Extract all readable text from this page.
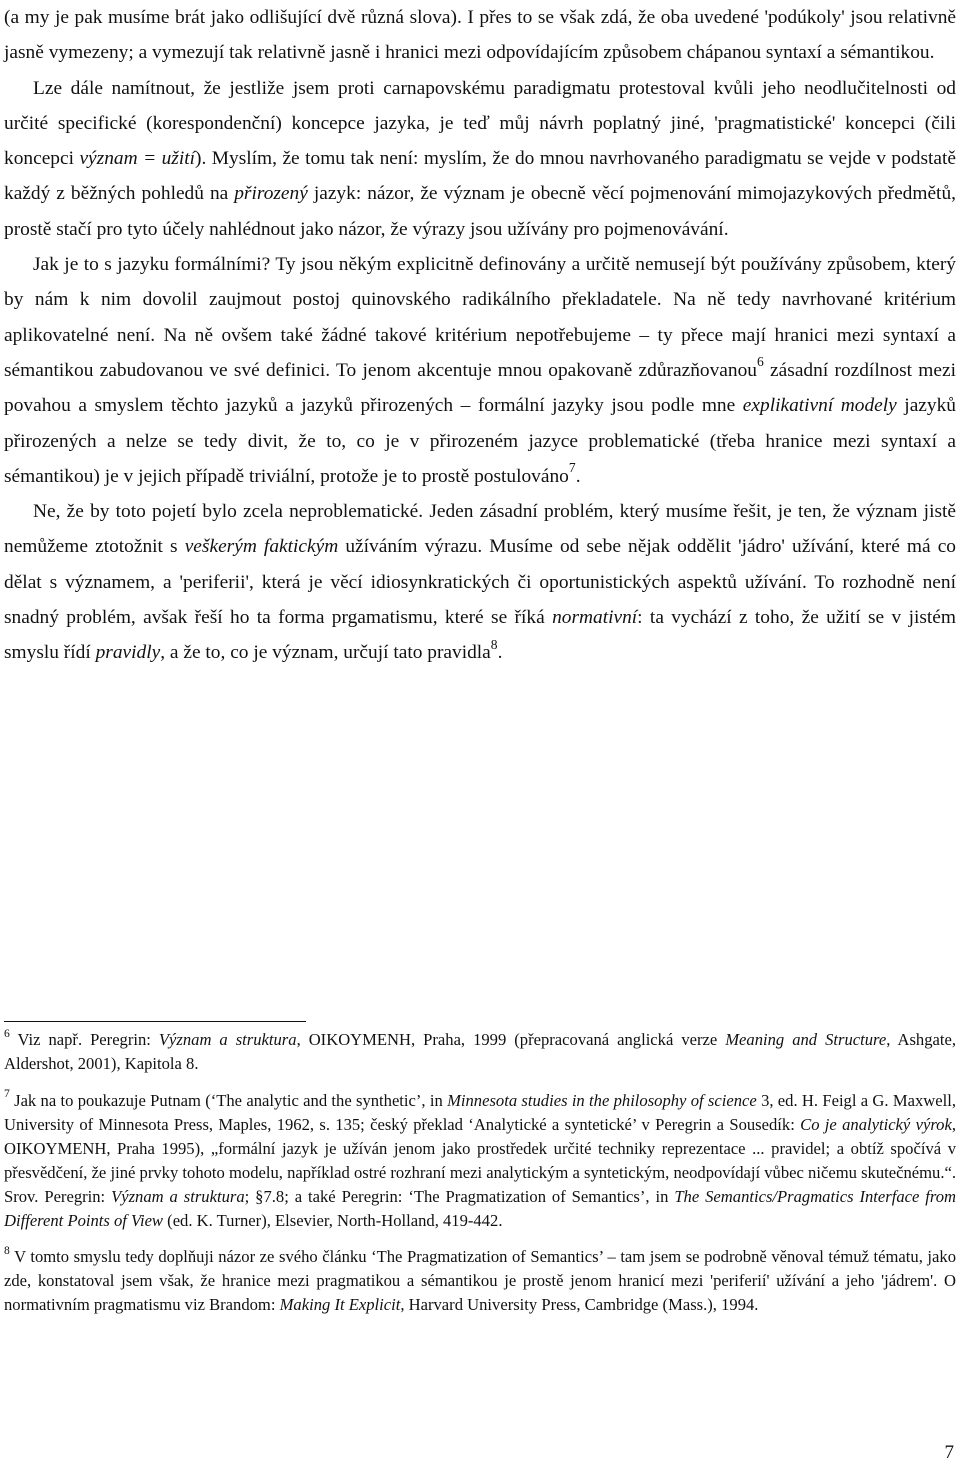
(a my je pak musíme brát jako odlišující dvě různá slova). I přes to se však zdá, že oba uvedené 'podúkoly' jsou relativně jasně vymezeny; a vymezují tak relativně jasně i hranici mezi odpovídajícím způsobem chápanou syntaxí a sémantikou.

Lze dále namítnout, že jestliže jsem proti carnapovskému paradigmatu protestoval kvůli jeho neodlučitelnosti od určité specifické (korespondenční) koncepce jazyka, je teď můj návrh poplatný jiné, 'pragmatistické' koncepci (čili koncepci význam = užití). Myslím, že tomu tak není: myslím, že do mnou navrhovaného paradigmatu se vejde v podstatě každý z běžných pohledů na přirozený jazyk: názor, že význam je obecně věcí pojmenování mimojazykových předmětů, prostě stačí pro tyto účely nahlédnout jako názor, že výrazy jsou užívány pro pojmenovávání.

Jak je to s jazyku formálními? Ty jsou někým explicitně definovány a určitě nemusejí být používány způsobem, který by nám k nim dovolil zaujmout postoj quinovského radikálního překladatele. Na ně tedy navrhované kritérium aplikovatelné není. Na ně ovšem také žádné takové kritérium nepotřebujeme – ty přece mají hranici mezi syntaxí a sémantikou zabudovanou ve své definici. To jenom akcentuje mnou opakovaně zdůrazňovanou$^6$ zásadní rozdílnost mezi povahou a smyslem těchto jazyků a jazyků přirozených – formální jazyky jsou podle mne explikativní modely jazyků přirozených a nelze se tedy divit, že to, co je v přirozeném jazyce problematické (třeba hranice mezi syntaxí a sémantikou) je v jejich případě triviální, protože je to prostě postulováno$^7$.

Ne, že by toto pojetí bylo zcela neproblematické. Jeden zásadní problém, který musíme řešit, je ten, že význam jistě nemůžeme ztotožnit s veškerým faktickým užíváním výrazu. Musíme od sebe nějak oddělit 'jádro' užívání, které má co dělat s významem, a 'periferii', která je věcí idiosynkratických či oportunistických aspektů užívání. To rozhodně není snadný problém, avšak řeší ho ta forma prgamatismu, které se říká normativní: ta vychází z toho, že užití se v jistém smyslu řídí pravidly, a že to, co je význam, určují tato pravidla$^8$.

$^6$ Viz např. Peregrin: Význam a struktura, OIKOYMENH, Praha, 1999 (přepracovaná anglická verze Meaning and Structure, Ashgate, Aldershot, 2001), Kapitola 8.

$^7$ Jak na to poukazuje Putnam (‘The analytic and the synthetic’, in Minnesota studies in the philosophy of science 3, ed. H. Feigl a G. Maxwell, University of Minnesota Press, Maples, 1962, s. 135; český překlad ‘Analytické a syntetické’ v Peregrin a Sousedík: Co je analytický výrok, OIKOYMENH, Praha 1995), „formální jazyk je užíván jenom jako prostředek určité techniky reprezentace ... pravidel; a obtíž spočívá v přesvědčení, že jiné prvky tohoto modelu, například ostré rozhraní mezi analytickým a syntetickým, neodpovídají vůbec ničemu skutečnému.“. Srov. Peregrin: Význam a struktura; §7.8; a také Peregrin: ‘The Pragmatization of Semantics’, in The Semantics/Pragmatics Interface from Different Points of View (ed. K. Turner), Elsevier, North-Holland, 419-442.

$^8$ V tomto smyslu tedy doplňuji názor ze svého článku ‘The Pragmatization of Semantics’ – tam jsem se podrobně věnoval témuž tématu, jako zde, konstatoval jsem však, že hranice mezi pragmatikou a sémantikou je prostě jenom hranicí mezi 'periferií' užívání a jeho 'jádrem'. O normativním pragmatismu viz Brandom: Making It Explicit, Harvard University Press, Cambridge (Mass.), 1994.

7
